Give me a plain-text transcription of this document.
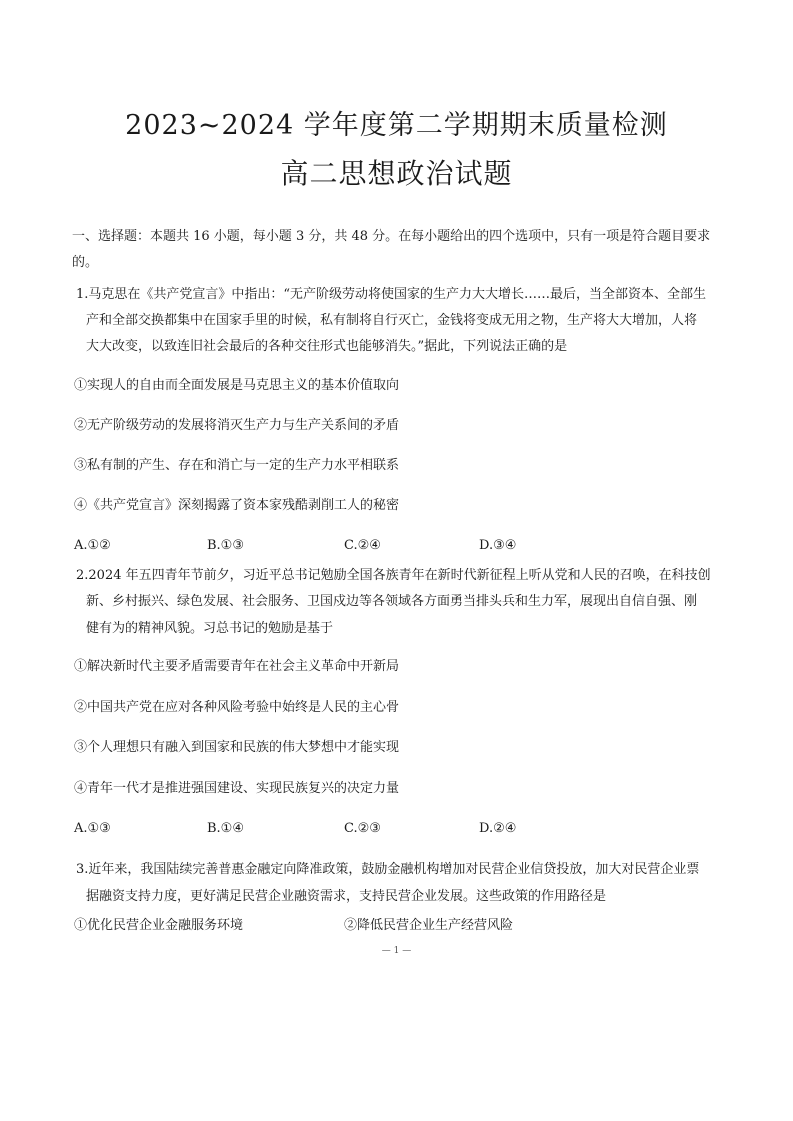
2023~2024 学年度第二学期期末质量检测
高二思想政治试题
一、选择题：本题共 16 小题，每小题 3 分，共 48 分。在每小题给出的四个选项中，只有一项是符合题目要求
的。
1.马克思在《共产党宣言》中指出：“无产阶级劳动将使国家的生产力大大增长……最后，当全部资本、全部生
产和全部交换都集中在国家手里的时候，私有制将自行灭亡，金钱将变成无用之物，生产将大大增加，人将
大大改变，以致连旧社会最后的各种交往形式也能够消失。”据此，下列说法正确的是
①实现人的自由而全面发展是马克思主义的基本价值取向
②无产阶级劳动的发展将消灭生产力与生产关系间的矛盾
③私有制的产生、存在和消亡与一定的生产力水平相联系
④《共产党宣言》深刻揭露了资本家残酷剥削工人的秘密
A.①②	B.①③	C.②④	D.③④
2.2024 年五四青年节前夕，习近平总书记勉励全国各族青年在新时代新征程上听从党和人民的召唤，在科技创
新、乡村振兴、绿色发展、社会服务、卫国戍边等各领域各方面勇当排头兵和生力军，展现出自信自强、刚
健有为的精神风貌。习总书记的勉励是基于
①解决新时代主要矛盾需要青年在社会主义革命中开新局
②中国共产党在应对各种风险考验中始终是人民的主心骨
③个人理想只有融入到国家和民族的伟大梦想中才能实现
④青年一代才是推进强国建设、实现民族复兴的决定力量
A.①③	B.①④	C.②③	D.②④
3.近年来，我国陆续完善普惠金融定向降准政策，鼓励金融机构增加对民营企业信贷投放，加大对民营企业票
据融资支持力度，更好满足民营企业融资需求，支持民营企业发展。这些政策的作用路径是
①优化民营企业金融服务环境	②降低民营企业生产经营风险
— 1 —
